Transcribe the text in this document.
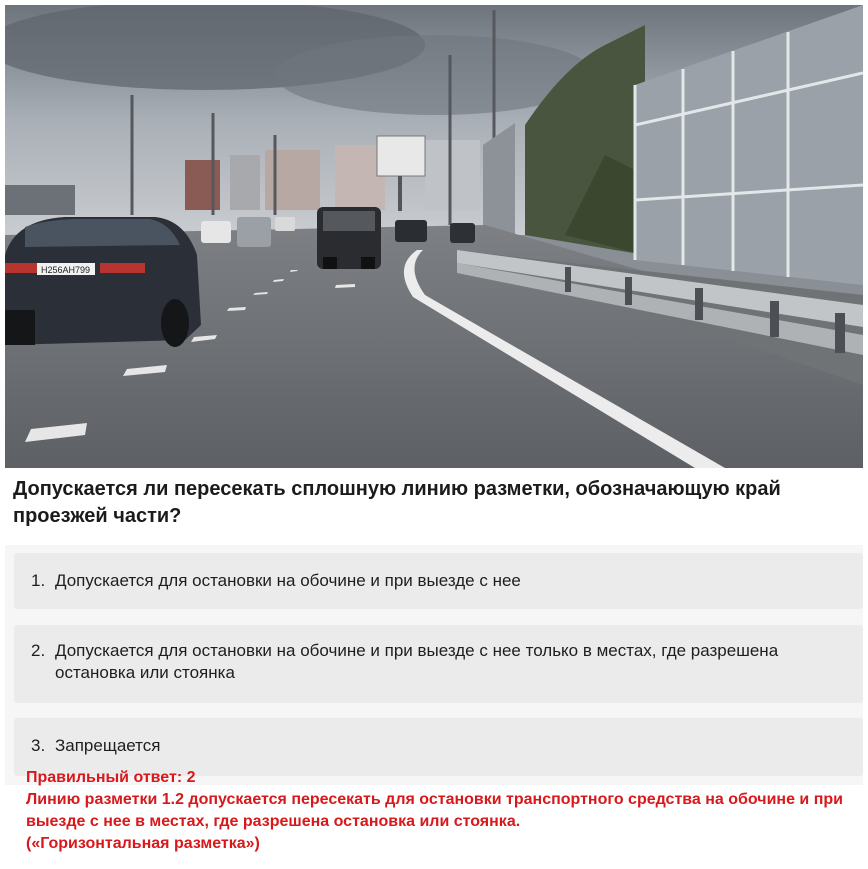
H256AH799
Допускается ли пересекать сплошную линию разметки, обозначающую край проезжей части?
1. Допускается для остановки на обочине и при выезде с нее
2. Допускается для остановки на обочине и при выезде с нее только в местах, где разрешена остановка или стоянка
3. Запрещается
Правильный ответ: 2
Линию разметки 1.2 допускается пересекать для остановки транспортного средства на обочине и при выезде с нее в местах, где разрешена остановка или стоянка.
(«Горизонтальная разметка»)
